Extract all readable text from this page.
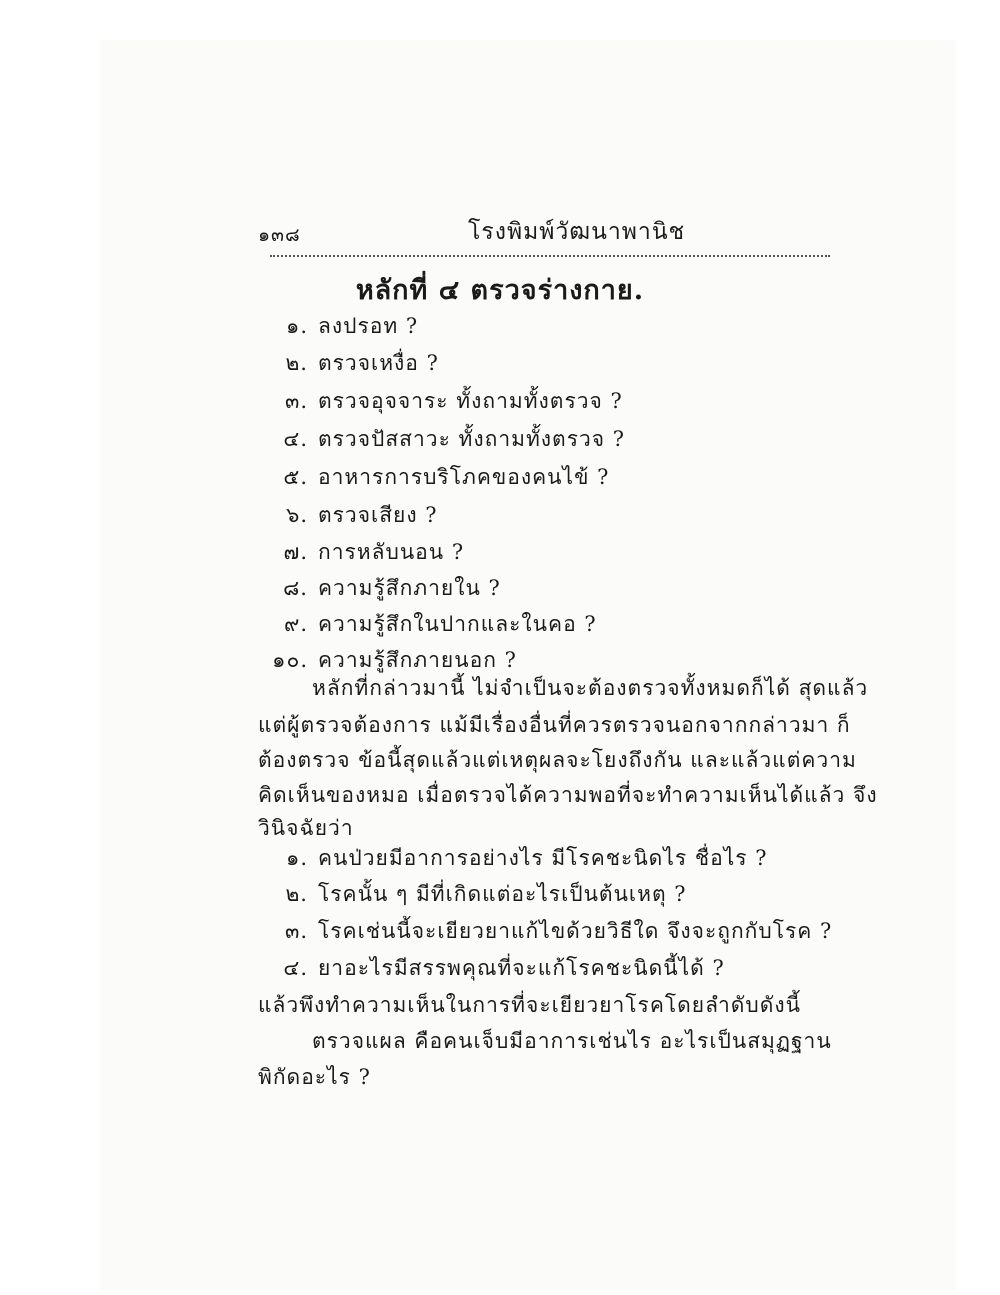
๑๓๘	โรงพิมพ์วัฒนาพานิช
หลักที่ ๔ ตรวจร่างกาย.
๑. ลงปรอท ?
๒. ตรวจเหงื่อ ?
๓. ตรวจอุจจาระ ทั้งถามทั้งตรวจ ?
๔. ตรวจปัสสาวะ ทั้งถามทั้งตรวจ ?
๕. อาหารการบริโภคของคนไข้ ?
๖. ตรวจเสียง ?
๗. การหลับนอน ?
๘. ความรู้สึกภายใน ?
๙. ความรู้สึกในปากและในคอ ?
๑๐. ความรู้สึกภายนอก ?
หลักที่กล่าวมานี้ ไม่จำเป็นจะต้องตรวจทั้งหมดก็ได้ สุดแล้ว
แต่ผู้ตรวจต้องการ แม้มีเรื่องอื่นที่ควรตรวจนอกจากกล่าวมา ก็
ต้องตรวจ ข้อนี้สุดแล้วแต่เหตุผลจะโยงถึงกัน และแล้วแต่ความ
คิดเห็นของหมอ เมื่อตรวจได้ความพอที่จะทำความเห็นได้แล้ว จึง
วินิจฉัยว่า
๑. คนป่วยมีอาการอย่างไร มีโรคชะนิดไร ชื่อไร ?
๒. โรคนั้น ๆ มีที่เกิดแต่อะไรเป็นต้นเหตุ ?
๓. โรคเช่นนี้จะเยียวยาแก้ไขด้วยวิธีใด จึงจะถูกกับโรค ?
๔. ยาอะไรมีสรรพคุณที่จะแก้โรคชะนิดนี้ได้ ?
แล้วพึงทำความเห็นในการที่จะเยียวยาโรคโดยลำดับดังนี้
ตรวจแผล คือคนเจ็บมีอาการเช่นไร อะไรเป็นสมุฏฐาน
พิกัดอะไร ?
